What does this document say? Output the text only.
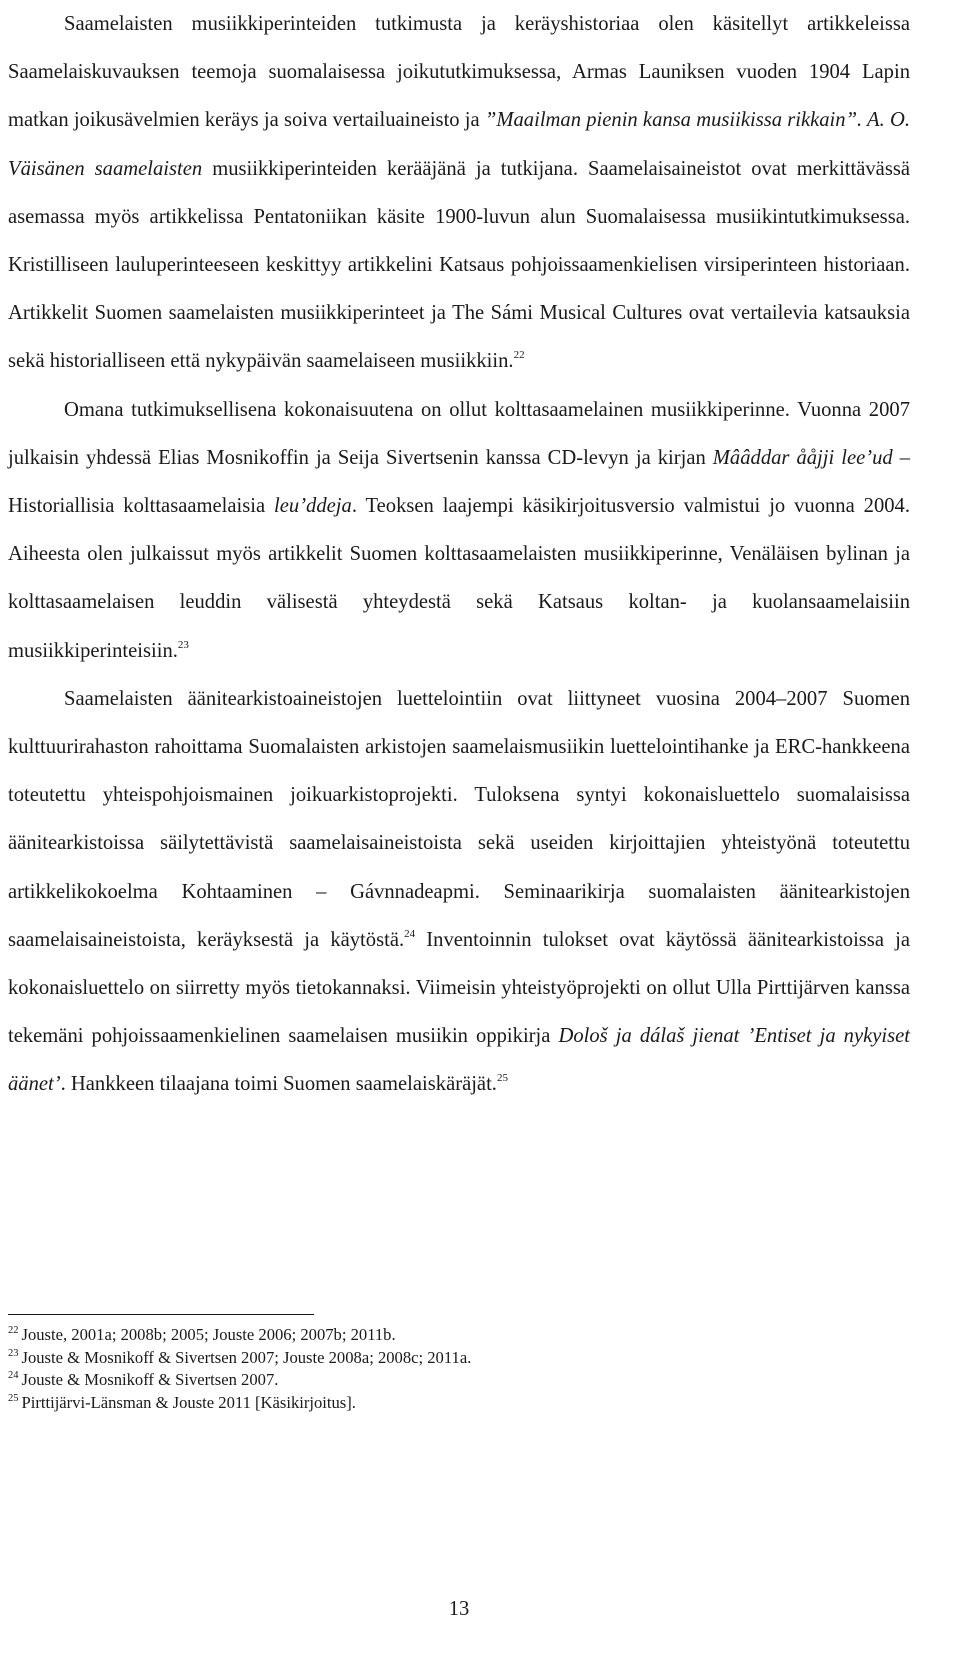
Saamelaisten musiikkiperinteiden tutkimusta ja keräyshistoriaa olen käsitellyt artikkeleissa Saamelaiskuvauksen teemoja suomalaisessa joikututkimuksessa, Armas Launiksen vuoden 1904 Lapin matkan joikusävelmien keräys ja soiva vertailuaineisto ja ”Maailman pienin kansa musiikissa rikkain”. A. O. Väisänen saamelaisten musiikkiperinteiden kerääjänä ja tutkijana. Saamelaisaineistot ovat merkittävässä asemassa myös artikkelissa Pentatoniikan käsite 1900-luvun alun Suomalaisessa musiikintutkimuksessa. Kristilliseen lauluperinteeseen keskittyy artikkelini Katsaus pohjoissaamenkielisen virsiperinteen historiaan. Artikkelit Suomen saamelaisten musiikkiperinteet ja The Sámi Musical Cultures ovat vertailevia katsauksia sekä historialliseen että nykypäivän saamelaiseen musiikkiin.$^{22}$

Omana tutkimuksellisena kokonaisuutena on ollut kolttasaamelainen musiikkiperinne. Vuonna 2007 julkaisin yhdessä Elias Mosnikoffin ja Seija Sivertsenin kanssa CD-levyn ja kirjan Mââddar ååjji lee’ud – Historiallisia kolttasaamelaisia leu’ddeja. Teoksen laajempi käsikirjoitusversio valmistui jo vuonna 2004. Aiheesta olen julkaissut myös artikkelit Suomen kolttasaamelaisten musiikkiperinne, Venäläisen bylinan ja kolttasaamelaisen leuddin välisestä yhteydestä sekä Katsaus koltan- ja kuolansaamelaisiin musiikkiperinteisiin.$^{23}$

Saamelaisten äänitearkistoaineistojen luettelointiin ovat liittyneet vuosina 2004–2007 Suomen kulttuurirahaston rahoittama Suomalaisten arkistojen saamelaismusiikin luettelointihanke ja ERC-hankkeena toteutettu yhteispohjoismainen joikuarkistoprojekti. Tuloksena syntyi kokonaisluettelo suomalaisissa äänitearkistoissa säilytettävistä saamelaisaineistoista sekä useiden kirjoittajien yhteistyönä toteutettu artikkelikokoelma Kohtaaminen – Gávnnadeapmi. Seminaarikirja suomalaisten äänitearkistojen saamelaisaineistoista, keräyksestä ja käytöstä.$^{24}$ Inventoinnin tulokset ovat käytössä äänitearkistoissa ja kokonaisluettelo on siirretty myös tietokannaksi. Viimeisin yhteistyöprojekti on ollut Ulla Pirttijärven kanssa tekemäni pohjoissaamenkielinen saamelaisen musiikin oppikirja Dološ ja dálaš jienat ’Entiset ja nykyiset äänet’. Hankkeen tilaajana toimi Suomen saamelaiskäräjät.$^{25}$

$^{22}$ Jouste, 2001a; 2008b; 2005; Jouste 2006; 2007b; 2011b.
$^{23}$ Jouste & Mosnikoff & Sivertsen 2007; Jouste 2008a; 2008c; 2011a.
$^{24}$ Jouste & Mosnikoff & Sivertsen 2007.
$^{25}$ Pirttijärvi-Länsman & Jouste 2011 [Käsikirjoitus].
13
